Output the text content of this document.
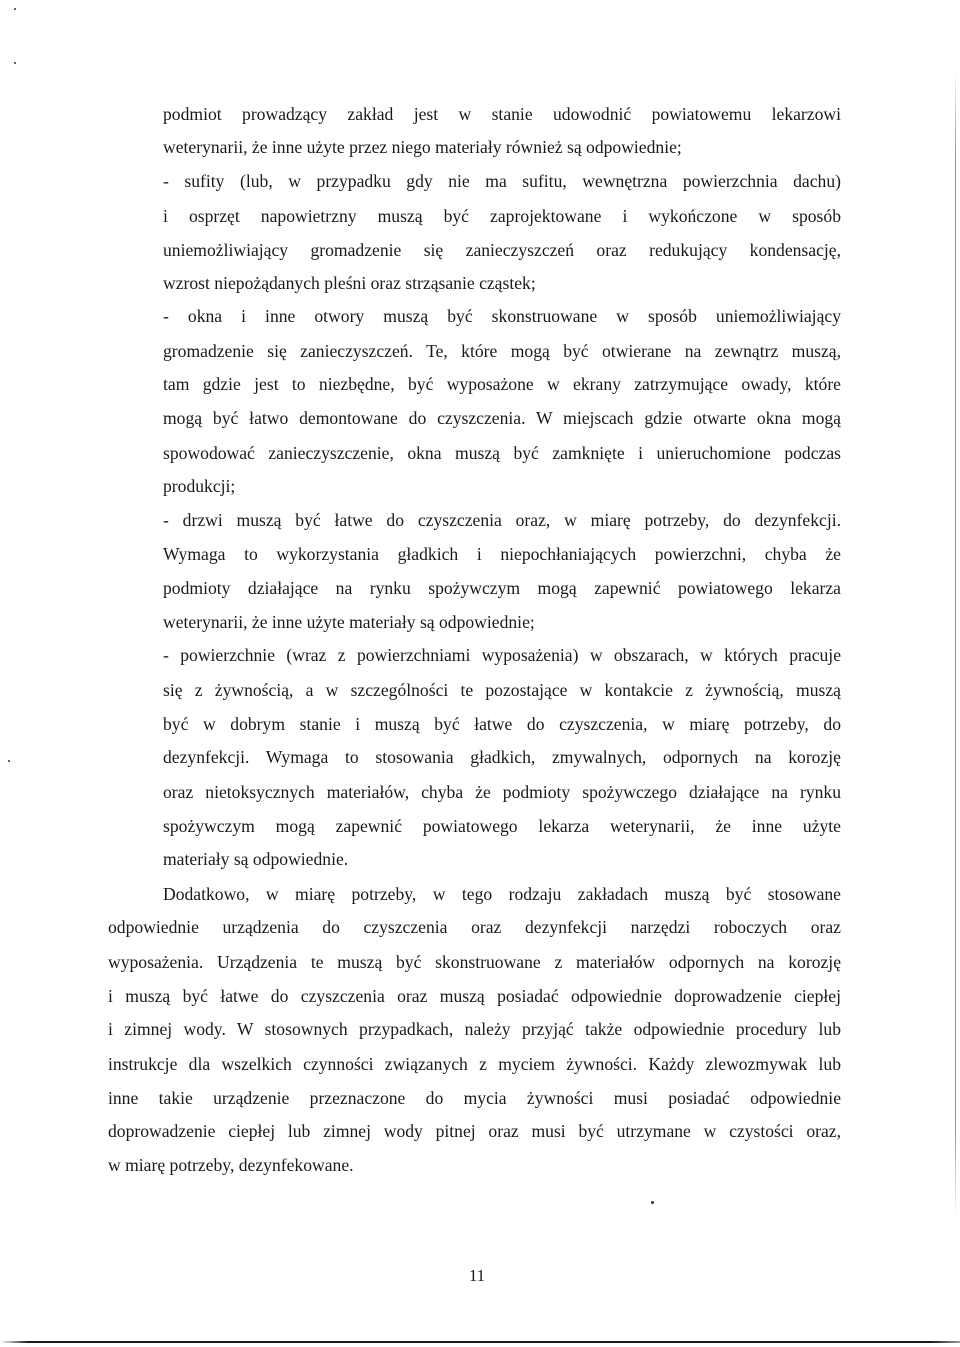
podmiot prowadzący zakład jest w stanie udowodnić powiatowemu lekarzowi
weterynarii, że inne użyte przez niego materiały również są odpowiednie;
- sufity (lub, w przypadku gdy nie ma sufitu, wewnętrzna powierzchnia dachu)
i osprzęt napowietrzny muszą być zaprojektowane i wykończone w sposób
uniemożliwiający gromadzenie się zanieczyszczeń oraz redukujący kondensację,
wzrost niepożądanych pleśni oraz strząsanie cząstek;
- okna i inne otwory muszą być skonstruowane w sposób uniemożliwiający
gromadzenie się zanieczyszczeń. Te, które mogą być otwierane na zewnątrz muszą,
tam gdzie jest to niezbędne, być wyposażone w ekrany zatrzymujące owady, które
mogą być łatwo demontowane do czyszczenia. W miejscach gdzie otwarte okna mogą
spowodować zanieczyszczenie, okna muszą być zamknięte i unieruchomione podczas
produkcji;
- drzwi muszą być łatwe do czyszczenia oraz, w miarę potrzeby, do dezynfekcji.
Wymaga to wykorzystania gładkich i niepochłaniających powierzchni, chyba że
podmioty działające na rynku spożywczym mogą zapewnić powiatowego lekarza
weterynarii, że inne użyte materiały są odpowiednie;
- powierzchnie (wraz z powierzchniami wyposażenia) w obszarach, w których pracuje
się z żywnością, a w szczególności te pozostające w kontakcie z żywnością, muszą
być w dobrym stanie i muszą być łatwe do czyszczenia, w miarę potrzeby, do
dezynfekcji. Wymaga to stosowania gładkich, zmywalnych, odpornych na korozję
oraz nietoksycznych materiałów, chyba że podmioty spożywczego działające na rynku
spożywczym mogą zapewnić powiatowego lekarza weterynarii, że inne użyte
materiały są odpowiednie.
Dodatkowo, w miarę potrzeby, w tego rodzaju zakładach muszą być stosowane
odpowiednie urządzenia do czyszczenia oraz dezynfekcji narzędzi roboczych oraz
wyposażenia. Urządzenia te muszą być skonstruowane z materiałów odpornych na korozję
i muszą być łatwe do czyszczenia oraz muszą posiadać odpowiednie doprowadzenie ciepłej
i zimnej wody. W stosownych przypadkach, należy przyjąć także odpowiednie procedury lub
instrukcje dla wszelkich czynności związanych z myciem żywności. Każdy zlewozmywak lub
inne takie urządzenie przeznaczone do mycia żywności musi posiadać odpowiednie
doprowadzenie ciepłej lub zimnej wody pitnej oraz musi być utrzymane w czystości oraz,
w miarę potrzeby, dezynfekowane.
11
